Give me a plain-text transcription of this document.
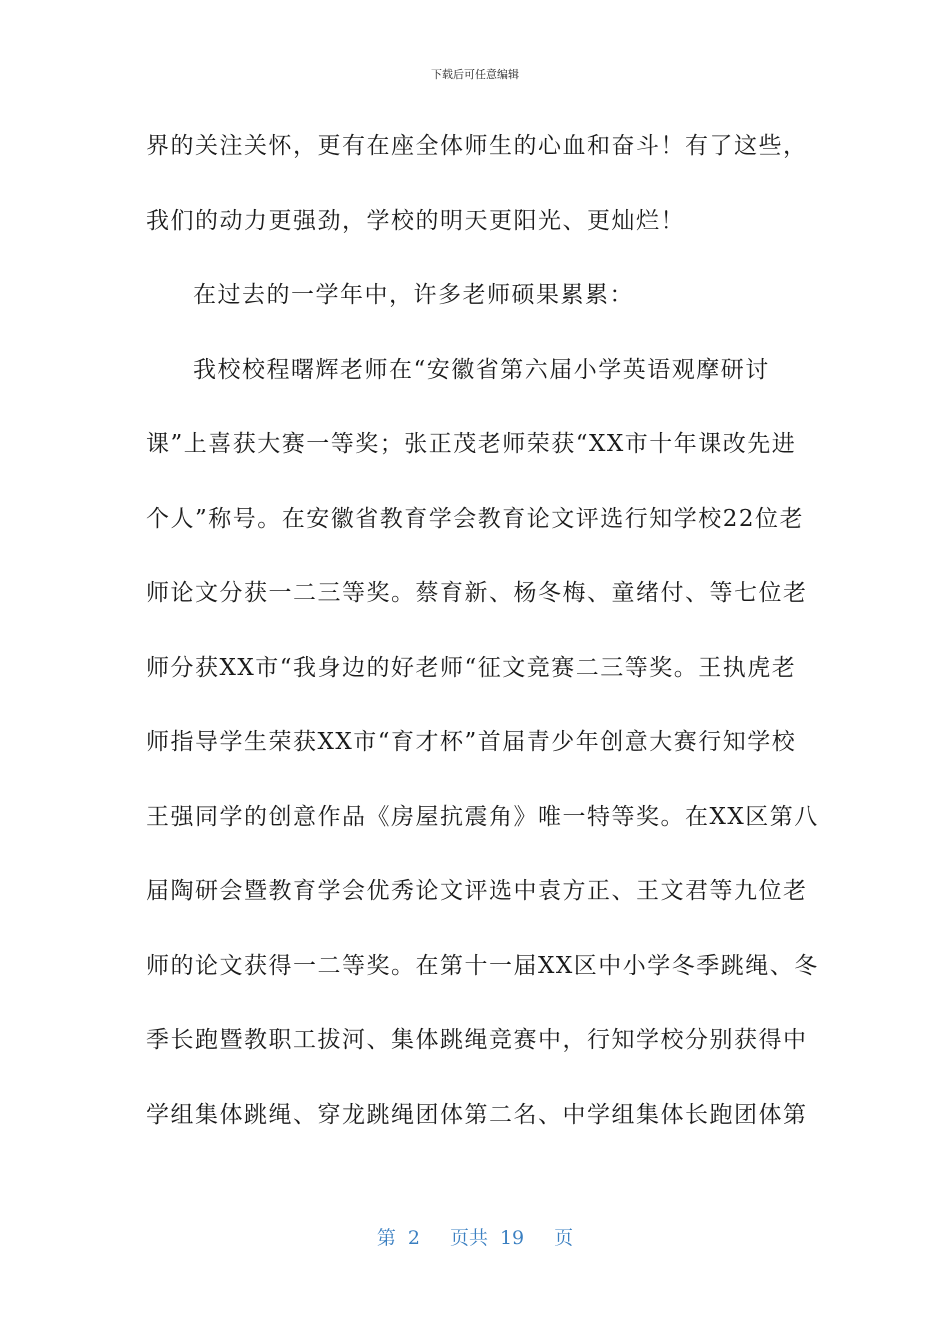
下载后可任意编辑
界的关注关怀，更有在座全体师生的心血和奋斗！有了这些，
我们的动力更强劲，学校的明天更阳光、更灿烂！
在过去的一学年中，许多老师硕果累累：
我校校程曙辉老师在“安徽省第六届小学英语观摩研讨
课”上喜获大赛一等奖；张正茂老师荣获“XX市十年课改先进
个人”称号。在安徽省教育学会教育论文评选行知学校22位老
师论文分获一二三等奖。蔡育新、杨冬梅、童绪付、等七位老
师分获XX市“我身边的好老师“征文竞赛二三等奖。王执虎老
师指导学生荣获XX市“育才杯”首届青少年创意大赛行知学校
王强同学的创意作品《房屋抗震角》唯一特等奖。在XX区第八
届陶研会暨教育学会优秀论文评选中袁方正、王文君等九位老
师的论文获得一二等奖。在第十一届XX区中小学冬季跳绳、冬
季长跑暨教职工拔河、集体跳绳竞赛中，行知学校分别获得中
学组集体跳绳、穿龙跳绳团体第二名、中学组集体长跑团体第
第 2 页共 19 页
